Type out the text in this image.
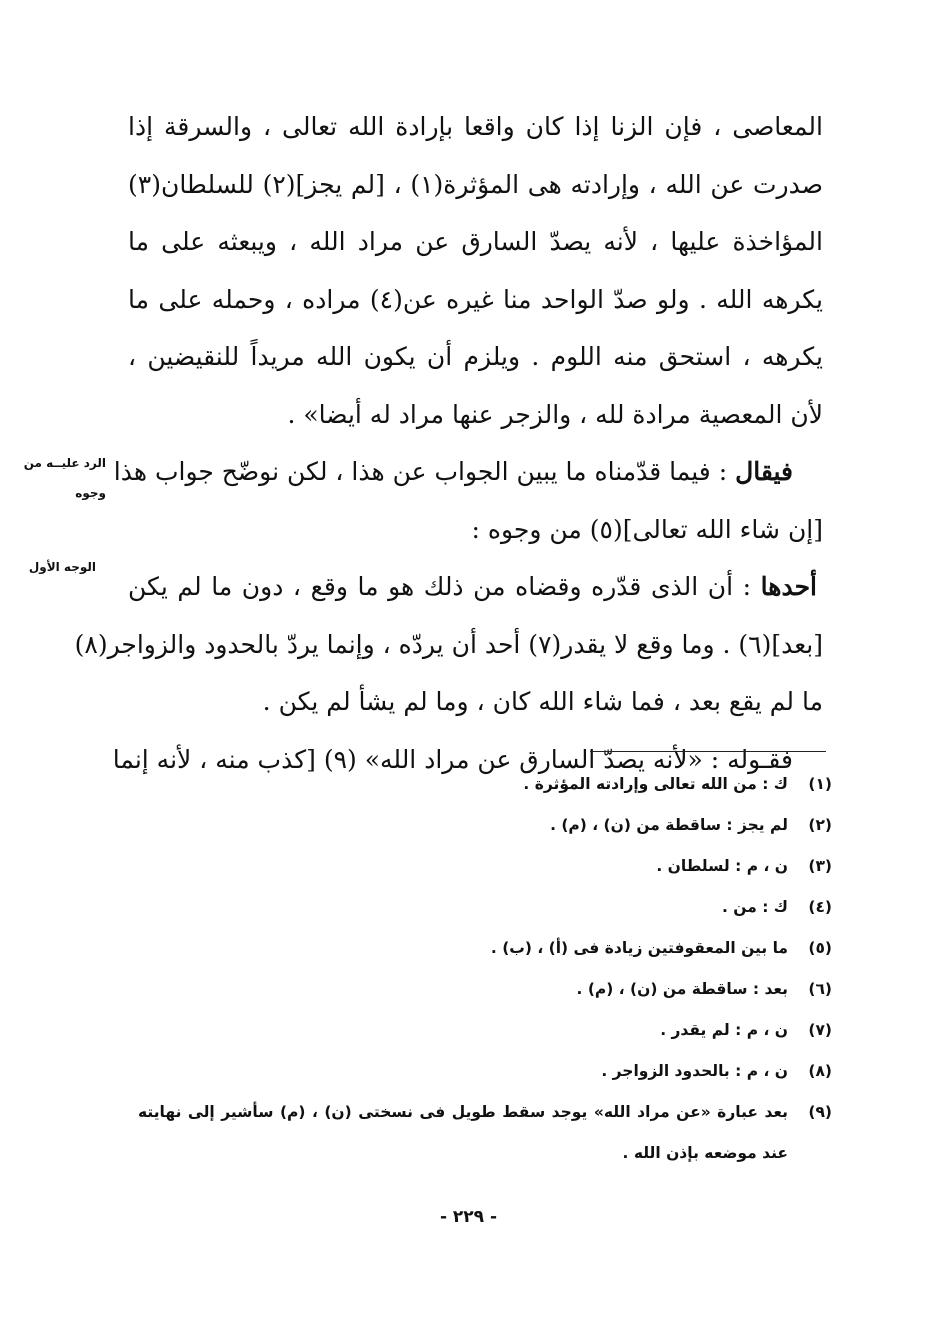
المعاصى ، فإن الزنا إذا كان واقعا بإرادة الله تعالى ، والسرقة إذا
صدرت عن الله ، وإرادته هى المؤثرة(١) ، [لم يجز](٢) للسلطان(٣)
المؤاخذة عليها ، لأنه يصدّ السارق عن مراد الله ، ويبعثه على ما
يكرهه الله . ولو صدّ الواحد منا غيره عن(٤) مراده ، وحمله على ما
يكرهه ، استحق منه اللوم . ويلزم أن يكون الله مريداً للنقيضين ،
لأن المعصية مرادة لله ، والزجر عنها مراد له أيضا» .
فيقال : فيما قدّمناه ما يبين الجواب عن هذا ، لكن نوضّح جواب هذا
[إن شاء الله تعالى](٥) من وجوه :
أحدها : أن الذى قدّره وقضاه من ذلك هو ما وقع ، دون ما لم يكن
[بعد](٦) . وما وقع لا يقدر(٧) أحد أن يردّه ، وإنما يردّ بالحدود والزواجر(٨)
ما لم يقع بعد ، فما شاء الله كان ، وما لم يشأ لم يكن .
فقـوله : «لأنه يصدّ السارق عن مراد الله» (٩) [كذب منه ، لأنه إنما
الرد عليــه من
وجوه
الوجه الأول
(١)
ك : من الله تعالى وإرادته المؤثرة .
(٢)
لم يجز : ساقطة من (ن) ، (م) .
(٣)
ن ، م : لسلطان .
(٤)
ك : من .
(٥)
ما بين المعقوفتين زيادة فى (أ) ، (ب) .
(٦)
بعد : ساقطة من (ن) ، (م) .
(٧)
ن ، م : لم يقدر .
(٨)
ن ، م : بالحدود الزواجر .
(٩)
بعد عبارة «عن مراد الله» يوجد سقط طويل فى نسختى (ن) ، (م) سأشير إلى نهايته عند موضعه بإذن الله .
- ٢٢٩ -
